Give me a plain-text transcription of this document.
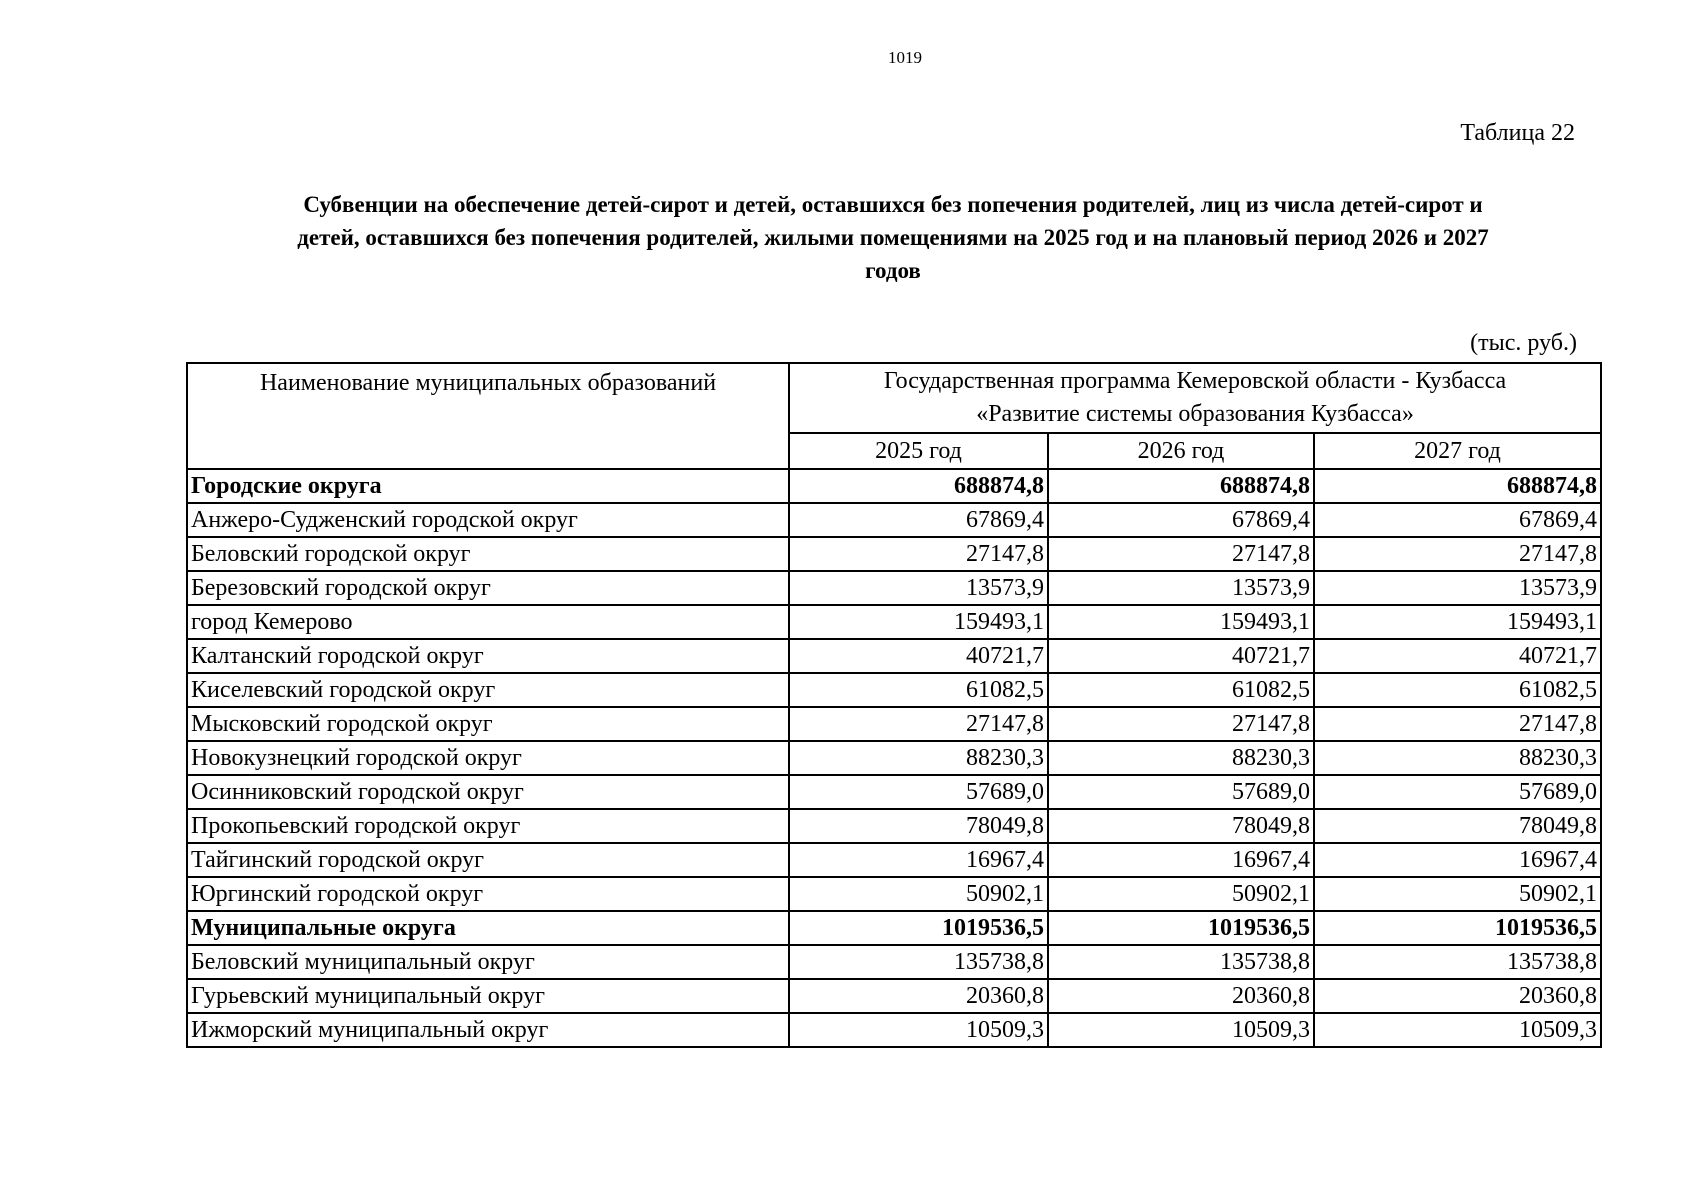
1019
Таблица 22
Субвенции на обеспечение детей-сирот и детей, оставшихся без попечения родителей, лиц из числа детей-сирот и
детей, оставшихся без попечения родителей, жилыми помещениями на 2025 год и на плановый период 2026 и 2027
годов
(тыс. руб.)
Наименование муниципальных образований	Государственная программа Кемеровской области - Кузбасса
«Развитие системы образования Кузбасса»		

	2025 год	2026 год	2027 год
Городские округа	688874,8	688874,8	688874,8
Анжеро-Судженский городской округ	67869,4	67869,4	67869,4
Беловский городской округ	27147,8	27147,8	27147,8
Березовский городской округ	13573,9	13573,9	13573,9
город Кемерово	159493,1	159493,1	159493,1
Калтанский городской округ	40721,7	40721,7	40721,7
Киселевский городской округ	61082,5	61082,5	61082,5
Мысковский городской округ	27147,8	27147,8	27147,8
Новокузнецкий городской округ	88230,3	88230,3	88230,3
Осинниковский городской округ	57689,0	57689,0	57689,0
Прокопьевский городской округ	78049,8	78049,8	78049,8
Тайгинский городской округ	16967,4	16967,4	16967,4
Юргинский городской округ	50902,1	50902,1	50902,1
Муниципальные округа	1019536,5	1019536,5	1019536,5
Беловский муниципальный округ	135738,8	135738,8	135738,8
Гурьевский муниципальный округ	20360,8	20360,8	20360,8
Ижморский муниципальный округ	10509,3	10509,3	10509,3
